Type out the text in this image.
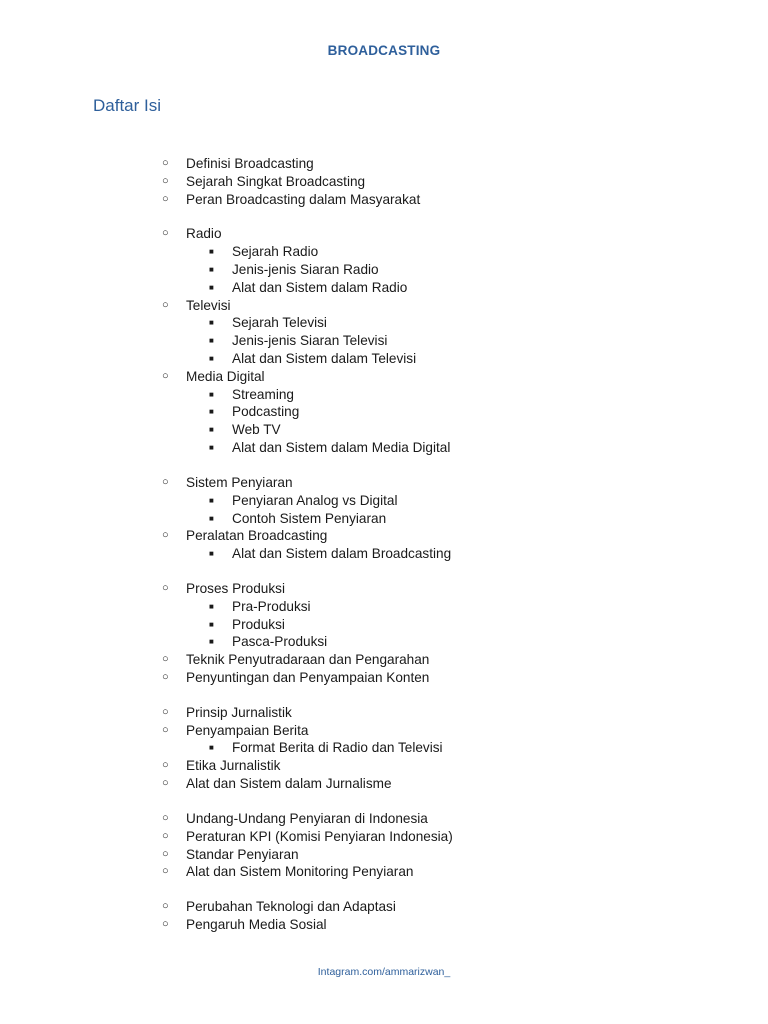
BROADCASTING
Daftar Isi
○ Definisi Broadcasting
○ Sejarah Singkat Broadcasting
○ Peran Broadcasting dalam Masyarakat
○ Radio
■ Sejarah Radio
■ Jenis-jenis Siaran Radio
■ Alat dan Sistem dalam Radio
○ Televisi
■ Sejarah Televisi
■ Jenis-jenis Siaran Televisi
■ Alat dan Sistem dalam Televisi
○ Media Digital
■ Streaming
■ Podcasting
■ Web TV
■ Alat dan Sistem dalam Media Digital
○ Sistem Penyiaran
■ Penyiaran Analog vs Digital
■ Contoh Sistem Penyiaran
○ Peralatan Broadcasting
■ Alat dan Sistem dalam Broadcasting
○ Proses Produksi
■ Pra-Produksi
■ Produksi
■ Pasca-Produksi
○ Teknik Penyutradaraan dan Pengarahan
○ Penyuntingan dan Penyampaian Konten
○ Prinsip Jurnalistik
○ Penyampaian Berita
■ Format Berita di Radio dan Televisi
○ Etika Jurnalistik
○ Alat dan Sistem dalam Jurnalisme
○ Undang-Undang Penyiaran di Indonesia
○ Peraturan KPI (Komisi Penyiaran Indonesia)
○ Standar Penyiaran
○ Alat dan Sistem Monitoring Penyiaran
○ Perubahan Teknologi dan Adaptasi
○ Pengaruh Media Sosial
Intagram.com/ammarizwan_
